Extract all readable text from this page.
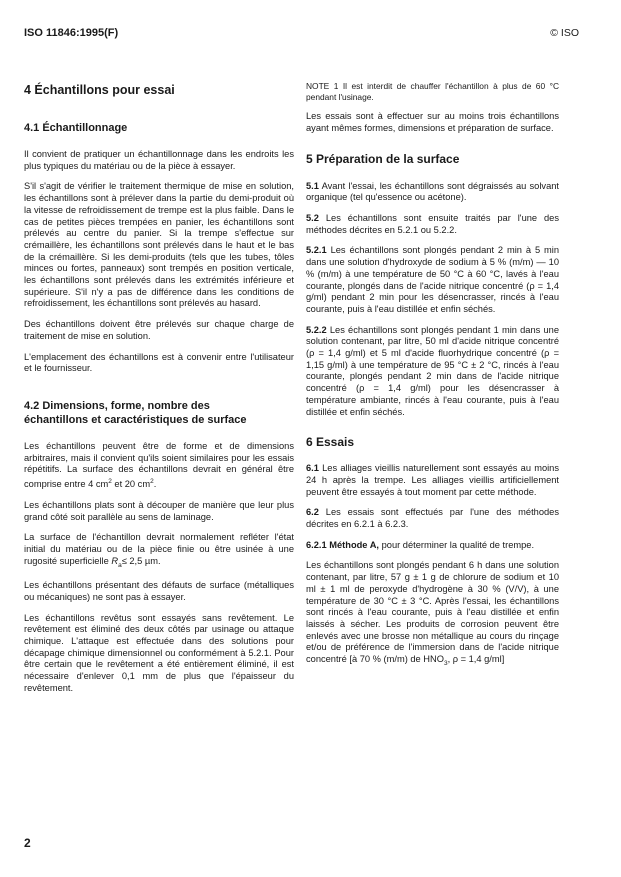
ISO 11846:1995(F)	© ISO
4 Échantillons pour essai
4.1 Échantillonnage

Il convient de pratiquer un échantillonnage dans les endroits les plus typiques du matériau ou de la pièce à essayer.

S'il s'agit de vérifier le traitement thermique de mise en solution, les échantillons sont à prélever dans la partie du demi-produit où la vitesse de refroidissement de trempe est la plus faible. Dans le cas de petites pièces trempées en panier, les échantillons sont prélevés au centre du panier. Si la trempe s'effectue sur crémaillère, les échantillons sont prélevés dans le haut et le bas de la crémaillère. Si les demi-produits (tels que les tubes, tôles minces ou fortes, panneaux) sont trempés en position verticale, les échantillons sont prélevés dans les extrémités inférieure et supérieure. S'il n'y a pas de différence dans les conditions de refroidissement, les échantillons sont prélevés au hasard.

Des échantillons doivent être prélevés sur chaque charge de traitement de mise en solution.

L'emplacement des échantillons est à convenir entre l'utilisateur et le fournisseur.

4.2 Dimensions, forme, nombre des
échantillons et caractéristiques de surface

Les échantillons peuvent être de forme et de dimensions arbitraires, mais il convient qu'ils soient similaires pour les essais répétitifs. La surface des échantillons devrait en général être comprise entre 4 $cm^2$ et 20 $cm^2$.

Les échantillons plats sont à découper de manière que leur plus grand côté soit parallèle au sens de laminage.

La surface de l'échantillon devrait normalement refléter l'état initial du matériau ou de la pièce finie ou être usinée à une rugosité superficielle $R_a\le 2,5$ µm.

Les échantillons présentant des défauts de surface (métalliques ou mécaniques) ne sont pas à essayer.

Les échantillons revêtus sont essayés sans revêtement. Le revêtement est éliminé des deux côtés par usinage ou attaque chimique. L'attaque est effectuée dans des solutions pour décapage chimique dimensionnel ou conformément à 5.2.1. Pour être certain que le revêtement a été entièrement éliminé, il est nécessaire d'enlever 0,1 mm de plus que l'épaisseur du revêtement.

NOTE 1 Il est interdit de chauffer l'échantillon à plus de 60 °C pendant l'usinage.

Les essais sont à effectuer sur au moins trois échantillons ayant mêmes formes, dimensions et préparation de surface.

5 Préparation de la surface

5.1 Avant l'essai, les échantillons sont dégraissés au solvant organique (tel qu'essence ou acétone).

5.2 Les échantillons sont ensuite traités par l'une des méthodes décrites en 5.2.1 ou 5.2.2.

5.2.1 Les échantillons sont plongés pendant 2 min à 5 min dans une solution d'hydroxyde de sodium à 5 % (m/m) — 10 % (m/m) à une température de 50 °C à 60 °C, lavés à l'eau courante, plongés dans de l'acide nitrique concentré (ρ = 1,4 g/ml) pendant 2 min pour les désencrasser, rincés à l'eau courante, puis à l'eau distillée et enfin séchés.

5.2.2 Les échantillons sont plongés pendant 1 min dans une solution contenant, par litre, 50 ml d'acide nitrique concentré (ρ = 1,4 g/ml) et 5 ml d'acide fluorhydrique concentré (ρ = 1,15 g/ml) à une température de 95 °C ± 2 °C, rincés à l'eau courante, plongés pendant 2 min dans de l'acide nitrique concentré (ρ = 1,4 g/ml) pour les désencrasser à température ambiante, rincés à l'eau courante, puis à l'eau distillée et enfin séchés.

6 Essais

6.1 Les alliages vieillis naturellement sont essayés au moins 24 h après la trempe. Les alliages vieillis artificiellement peuvent être essayés à tout moment par cette méthode.

6.2 Les essais sont effectués par l'une des méthodes décrites en 6.2.1 à 6.2.3.

6.2.1 Méthode A, pour déterminer la qualité de trempe.

Les échantillons sont plongés pendant 6 h dans une solution contenant, par litre, 57 g ± 1 g de chlorure de sodium et 10 ml ± 1 ml de peroxyde d'hydrogène à 30 % (V/V), à une température de 30 °C ± 3 °C. Après l'essai, les échantillons sont rincés à l'eau courante, puis à l'eau distillée et enfin laissés à sécher. Les produits de corrosion peuvent être enlevés avec une brosse non métallique au cours du rinçage et/ou de préférence de l'immersion dans de l'acide nitrique concentré [à 70 % (m/m) de $HNO_3$, ρ = 1,4 g/ml]

2
